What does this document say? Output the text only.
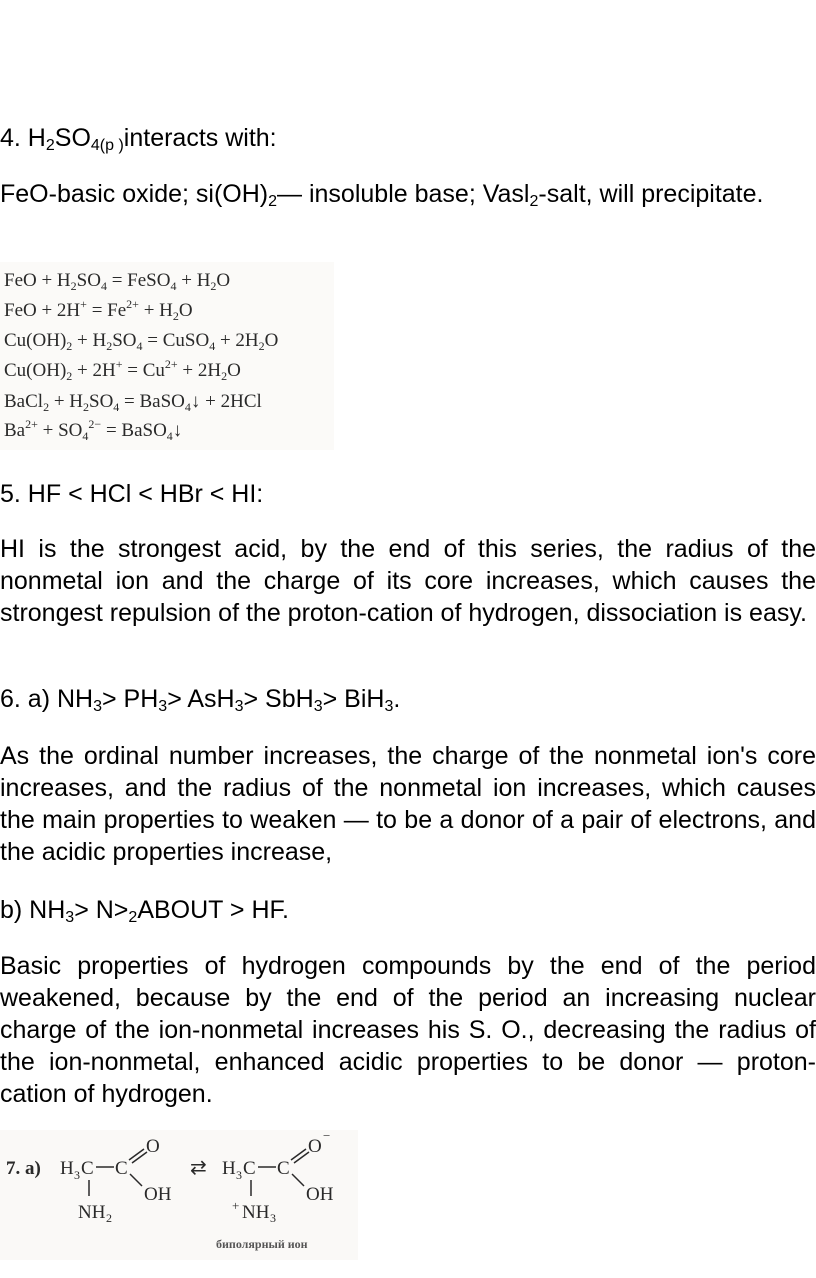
4. $H_2SO_{4(p )}interacts$ with:

FeO-basic oxide; $si(OH)_2—$ insoluble base; Vasl$_2$-salt, will precipitate.

FeO + $H_2SO_4$ = FeSO$_4$ + $H_2O$
FeO + $2H^+ = Fe^{2+} + H_2O$
$Cu(OH)_2 + H_2SO_4$ = CuSO$_4$ + $2H_2O$
$Cu(OH)_2 + 2H^+ = Cu^{2+} + 2H_2O$
BaCl$_2$ + $H_2SO_4$ = BaSO$_4$↓ + 2HCl
$Ba^{2+} + SO_4^{2-}$ = BaSO$_4$↓

5. HF < HCl < HBr < HI:

HI is the strongest acid, by the end of this series, the radius of the nonmetal ion and the charge of its core increases, which causes the strongest repulsion of the proton-cation of hydrogen, dissociation is easy.

6. a) $NH_3> PH_3> AsH_3> SbH_3> BiH_3$.

As the ordinal number increases, the charge of the nonmetal ion's core increases, and the radius of the nonmetal ion increases, which causes the main properties to weaken — to be a donor of a pair of electrons, and the acidic properties increase,

b) $NH_3>$ $N>_2ABOUT$ > HF.

Basic properties of hydrogen compounds by the end of the period weakened, because by the end of the period an increasing nuclear charge of the ion-nonmetal increases his S. O., decreasing the radius of the ion-nonmetal, enhanced acidic properties to be donor — proton- cation of hydrogen.

7. a) H 3 C C
O
OH
NH 2
⇄ H 3 C C
O
−
OH
+ NH 3
биполярный ион
